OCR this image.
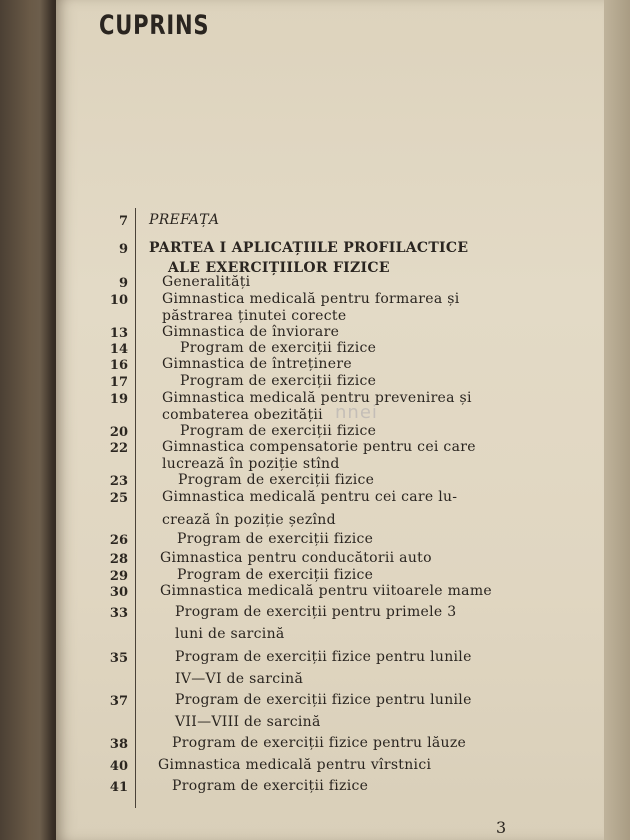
CUPRINS
nnei
7 PREFAȚA
9 PARTEA I APLICAȚIILE PROFILACTICE
ALE EXERCIȚIILOR FIZICE
9 Generalități
10 Gimnastica medicală pentru formarea și
păstrarea ținutei corecte
13 Gimnastica de înviorare
14	Program de exerciții fizice
16 Gimnastica de întreținere
17	Program de exerciții fizice
19 Gimnastica medicală pentru prevenirea și
combaterea obezității
20	Program de exerciții fizice
22 Gimnastica compensatorie pentru cei care
lucrează în poziție stînd
23	Program de exerciții fizice
25 Gimnastica medicală pentru cei care lu-
crează în poziție șezînd
26	Program de exerciții fizice
28 Gimnastica pentru conducătorii auto
29	Program de exerciții fizice
30 Gimnastica medicală pentru viitoarele mame
33	Program de exerciții pentru primele 3
luni de sarcină
35	Program de exerciții fizice pentru lunile
IV—VI de sarcină
37	Program de exerciții fizice pentru lunile
VII—VIII de sarcină
38	Program de exerciții fizice pentru lăuze
40 Gimnastica medicală pentru vîrstnici
41	Program de exerciții fizice
3
